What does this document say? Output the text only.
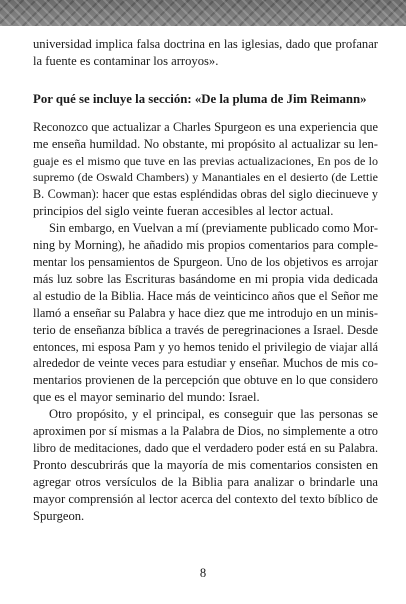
universidad implica falsa doctrina en las iglesias, dado que profanar
la fuente es contaminar los arroyos».
Por qué se incluye la sección: «De la pluma de Jim Reimann»
Reconozco que actualizar a Charles Spurgeon es una experiencia que
me enseña humildad. No obstante, mi propósito al actualizar su len-
guaje es el mismo que tuve en las previas actualizaciones, En pos de lo
supremo (de Oswald Chambers) y Manantiales en el desierto (de Lettie
B. Cowman): hacer que estas espléndidas obras del siglo diecinueve y
principios del siglo veinte fueran accesibles al lector actual.
Sin embargo, en Vuelvan a mí (previamente publicado como Mor-
ning by Morning), he añadido mis propios comentarios para comple-
mentar los pensamientos de Spurgeon. Uno de los objetivos es arrojar
más luz sobre las Escrituras basándome en mi propia vida dedicada
al estudio de la Biblia. Hace más de veinticinco años que el Señor me
llamó a enseñar su Palabra y hace diez que me introdujo en un minis-
terio de enseñanza bíblica a través de peregrinaciones a Israel. Desde
entonces, mi esposa Pam y yo hemos tenido el privilegio de viajar allá
alrededor de veinte veces para estudiar y enseñar. Muchos de mis co-
mentarios provienen de la percepción que obtuve en lo que considero
que es el mayor seminario del mundo: Israel.
Otro propósito, y el principal, es conseguir que las personas se
aproximen por sí mismas a la Palabra de Dios, no simplemente a otro
libro de meditaciones, dado que el verdadero poder está en su Palabra.
Pronto descubrirás que la mayoría de mis comentarios consisten en
agregar otros versículos de la Biblia para analizar o brindarle una
mayor comprensión al lector acerca del contexto del texto bíblico de
Spurgeon.
8
